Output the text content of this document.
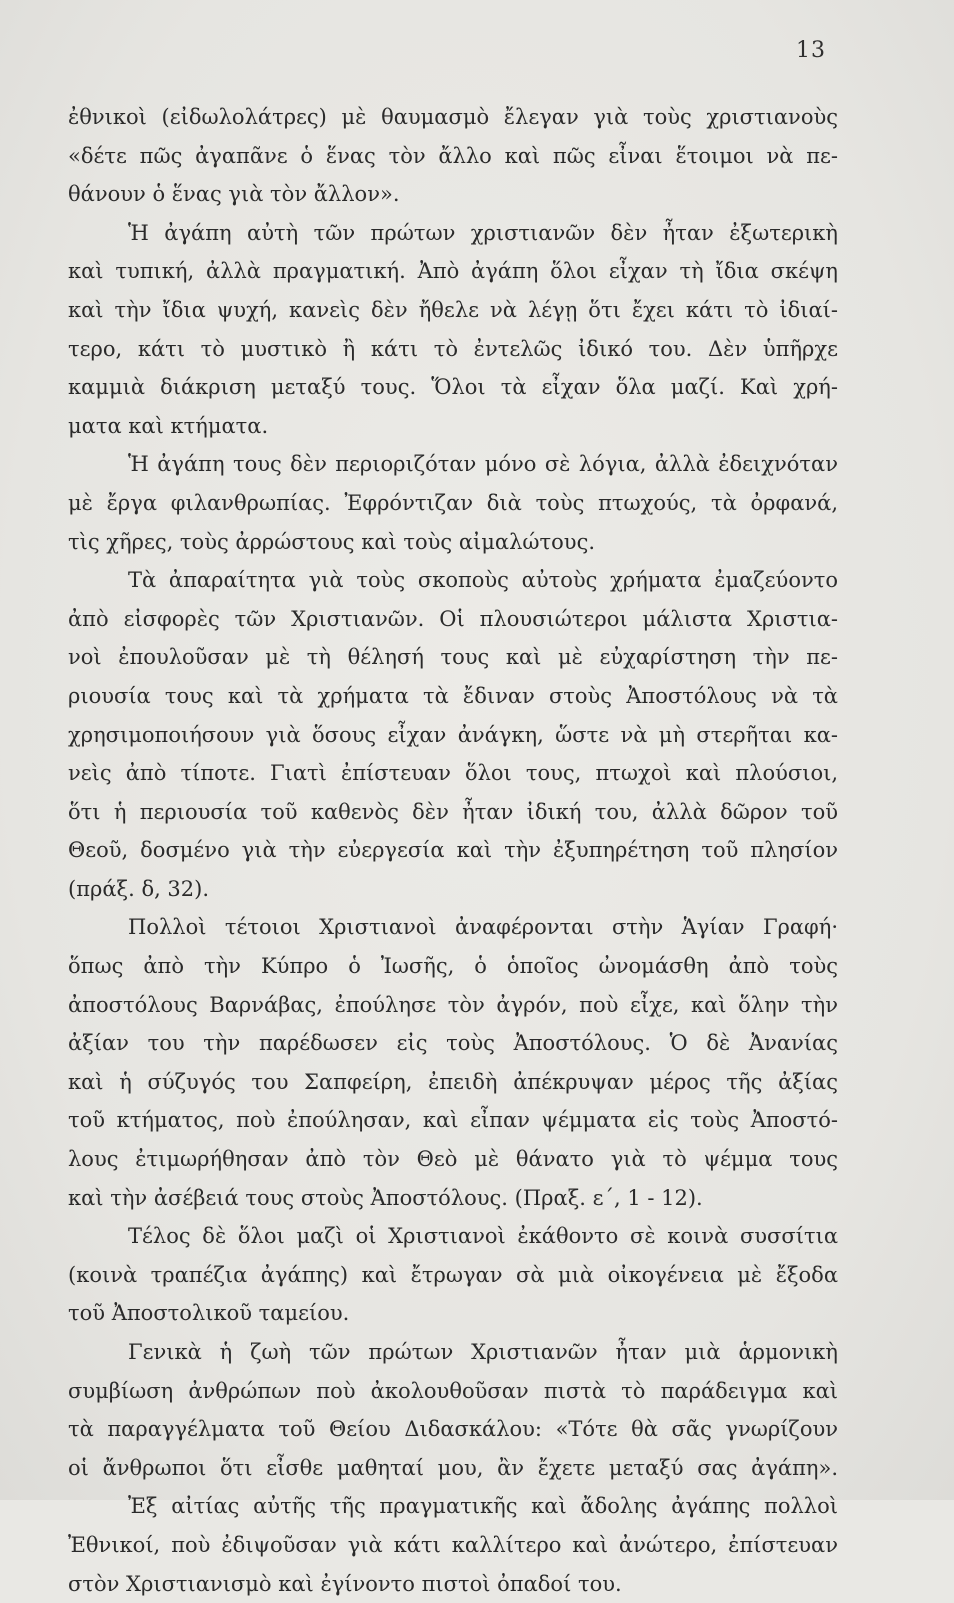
13
ἐθνικοὶ (εἰδωλολάτρες) μὲ θαυμασμὸ ἔλεγαν γιὰ τοὺς χριστιανοὺς
«δέτε πῶς ἀγαπᾶνε ὁ ἕνας τὸν ἄλλο καὶ πῶς εἶναι ἕτοιμοι νὰ πε-
θάνουν ὁ ἕνας γιὰ τὸν ἄλλον».
Ἡ ἀγάπη αὐτὴ τῶν πρώτων χριστιανῶν δὲν ἦταν ἐξωτερικὴ
καὶ τυπική, ἀλλὰ πραγματική. Ἀπὸ ἀγάπη ὅλοι εἶχαν τὴ ἴδια σκέψη
καὶ τὴν ἴδια ψυχή, κανεὶς δὲν ἤθελε νὰ λέγῃ ὅτι ἔχει κάτι τὸ ἰδιαί-
τερο, κάτι τὸ μυστικὸ ἢ κάτι τὸ ἐντελῶς ἰδικό του. Δὲν ὑπῆρχε
καμμιὰ διάκριση μεταξύ τους. Ὅλοι τὰ εἶχαν ὅλα μαζί. Καὶ χρή-
ματα καὶ κτήματα.
Ἡ ἀγάπη τους δὲν περιοριζόταν μόνο σὲ λόγια, ἀλλὰ ἐδειχνόταν
μὲ ἔργα φιλανθρωπίας. Ἐφρόντιζαν διὰ τοὺς πτωχούς, τὰ ὀρφανά,
τὶς χῆρες, τοὺς ἀρρώστους καὶ τοὺς αἰμαλώτους.
Τὰ ἀπαραίτητα γιὰ τοὺς σκοποὺς αὐτοὺς χρήματα ἐμαζεύοντο
ἀπὸ εἰσφορὲς τῶν Χριστιανῶν. Οἱ πλουσιώτεροι μάλιστα Χριστια-
νοὶ ἐπουλοῦσαν μὲ τὴ θέλησή τους καὶ μὲ εὐχαρίστηση τὴν πε-
ριουσία τους καὶ τὰ χρήματα τὰ ἔδιναν στοὺς Ἀποστόλους νὰ τὰ
χρησιμοποιήσουν γιὰ ὅσους εἶχαν ἀνάγκη, ὥστε νὰ μὴ στερῆται κα-
νεὶς ἀπὸ τίποτε. Γιατὶ ἐπίστευαν ὅλοι τους, πτωχοὶ καὶ πλούσιοι,
ὅτι ἡ περιουσία τοῦ καθενὸς δὲν ἦταν ἰδική του, ἀλλὰ δῶρον τοῦ
Θεοῦ, δοσμένο γιὰ τὴν εὐεργεσία καὶ τὴν ἐξυπηρέτηση τοῦ πλησίον
(πράξ. δ, 32).
Πολλοὶ τέτοιοι Χριστιανοὶ ἀναφέρονται στὴν Ἁγίαν Γραφή·
ὅπως ἀπὸ τὴν Κύπρο ὁ Ἰωσῆς, ὁ ὁποῖος ὠνομάσθη ἀπὸ τοὺς
ἀποστόλους Βαρνάβας, ἐπούλησε τὸν ἀγρόν, ποὺ εἶχε, καὶ ὅλην τὴν
ἀξίαν του τὴν παρέδωσεν εἰς τοὺς Ἀποστόλους. Ὁ δὲ Ἀνανίας
καὶ ἡ σύζυγός του Σαπφείρη, ἐπειδὴ ἀπέκρυψαν μέρος τῆς ἀξίας
τοῦ κτήματος, ποὺ ἐπούλησαν, καὶ εἶπαν ψέμματα εἰς τοὺς Ἀποστό-
λους ἐτιμωρήθησαν ἀπὸ τὸν Θεὸ μὲ θάνατο γιὰ τὸ ψέμμα τους
καὶ τὴν ἀσέβειά τους στοὺς Ἀποστόλους. (Πραξ. ε΄, 1 - 12).
Τέλος δὲ ὅλοι μαζὶ οἱ Χριστιανοὶ ἐκάθοντο σὲ κοινὰ συσσίτια
(κοινὰ τραπέζια ἀγάπης) καὶ ἔτρωγαν σὰ μιὰ οἰκογένεια μὲ ἔξοδα
τοῦ Ἀποστολικοῦ ταμείου.
Γενικὰ ἡ ζωὴ τῶν πρώτων Χριστιανῶν ἦταν μιὰ ἁρμονικὴ
συμβίωση ἀνθρώπων ποὺ ἀκολουθοῦσαν πιστὰ τὸ παράδειγμα καὶ
τὰ παραγγέλματα τοῦ Θείου Διδασκάλου: «Τότε θὰ σᾶς γνωρίζουν
οἱ ἄνθρωποι ὅτι εἶσθε μαθηταί μου, ἂν ἔχετε μεταξύ σας ἀγάπη».
Ἐξ αἰτίας αὐτῆς τῆς πραγματικῆς καὶ ἄδολης ἀγάπης πολλοὶ
Ἐθνικοί, ποὺ ἐδιψοῦσαν γιὰ κάτι καλλίτερο καὶ ἀνώτερο, ἐπίστευαν
στὸν Χριστιανισμὸ καὶ ἐγίνοντο πιστοὶ ὀπαδοί του.
